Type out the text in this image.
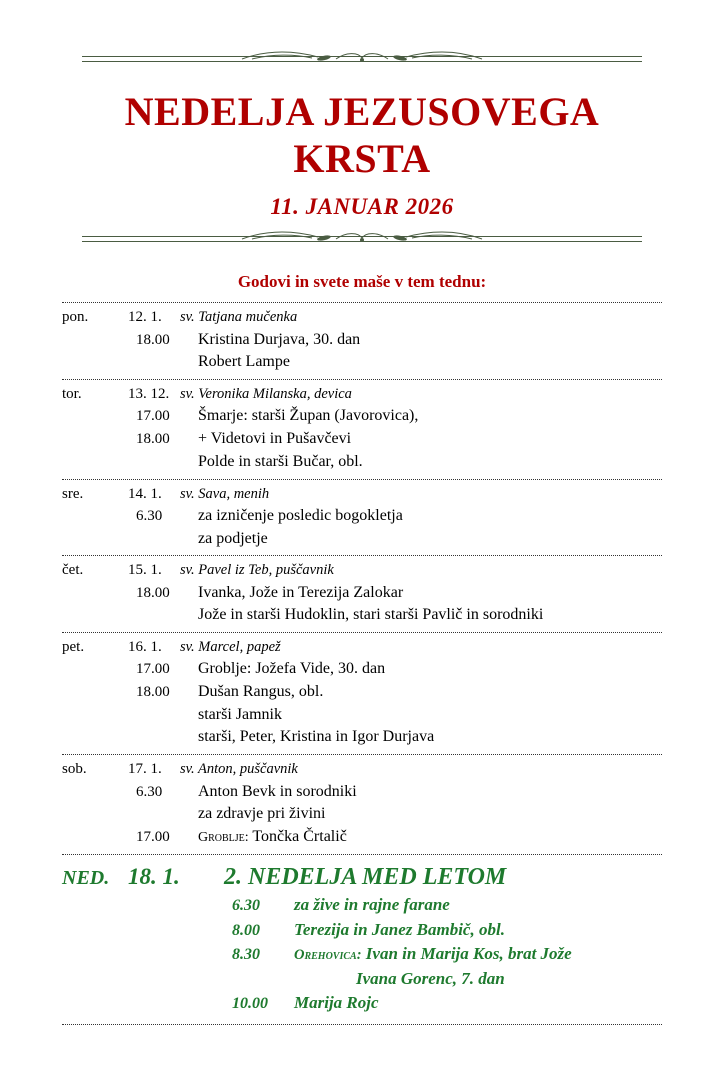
NEDELJA JEZUSOVEGA
KRSTA
11. JANUAR 2026
Godovi in svete maše v tem tednu:
pon.	12. 1.	sv. Tatjana mučenka
18.00	Kristina Durjava, 30. dan
Robert Lampe
tor.	13. 12. sv. Veronika Milanska, devica
17.00	Šmarje: starši Župan (Javorovica),
18.00	+ Videtovi in Pušavčevi
Polde in starši Bučar, obl.
sre.	14. 1.	sv. Sava, menih
6.30	za izničenje posledic bogokletja
za podjetje
čet.	15. 1.	sv. Pavel iz Teb, puščavnik
18.00	Ivanka, Jože in Terezija Zalokar
Jože in starši Hudoklin, stari starši Pavlič in sorodniki
pet.	16. 1.	sv. Marcel, papež
17.00	Groblje: Jožefa Vide, 30. dan
18.00	Dušan Rangus, obl.
starši Jamnik
starši, Peter, Kristina in Igor Durjava
sob.	17. 1.	sv. Anton, puščavnik
6.30	Anton Bevk in sorodniki
za zdravje pri živini
17.00	Groblje: Tončka Črtalič
NED. 18. 1.	2. NEDELJA MED LETOM
6.30	za žive in rajne farane
8.00	Terezija in Janez Bambič, obl.
8.30	Orehovica: Ivan in Marija Kos, brat Jože
Ivana Gorenc, 7. dan
10.00	Marija Rojc
